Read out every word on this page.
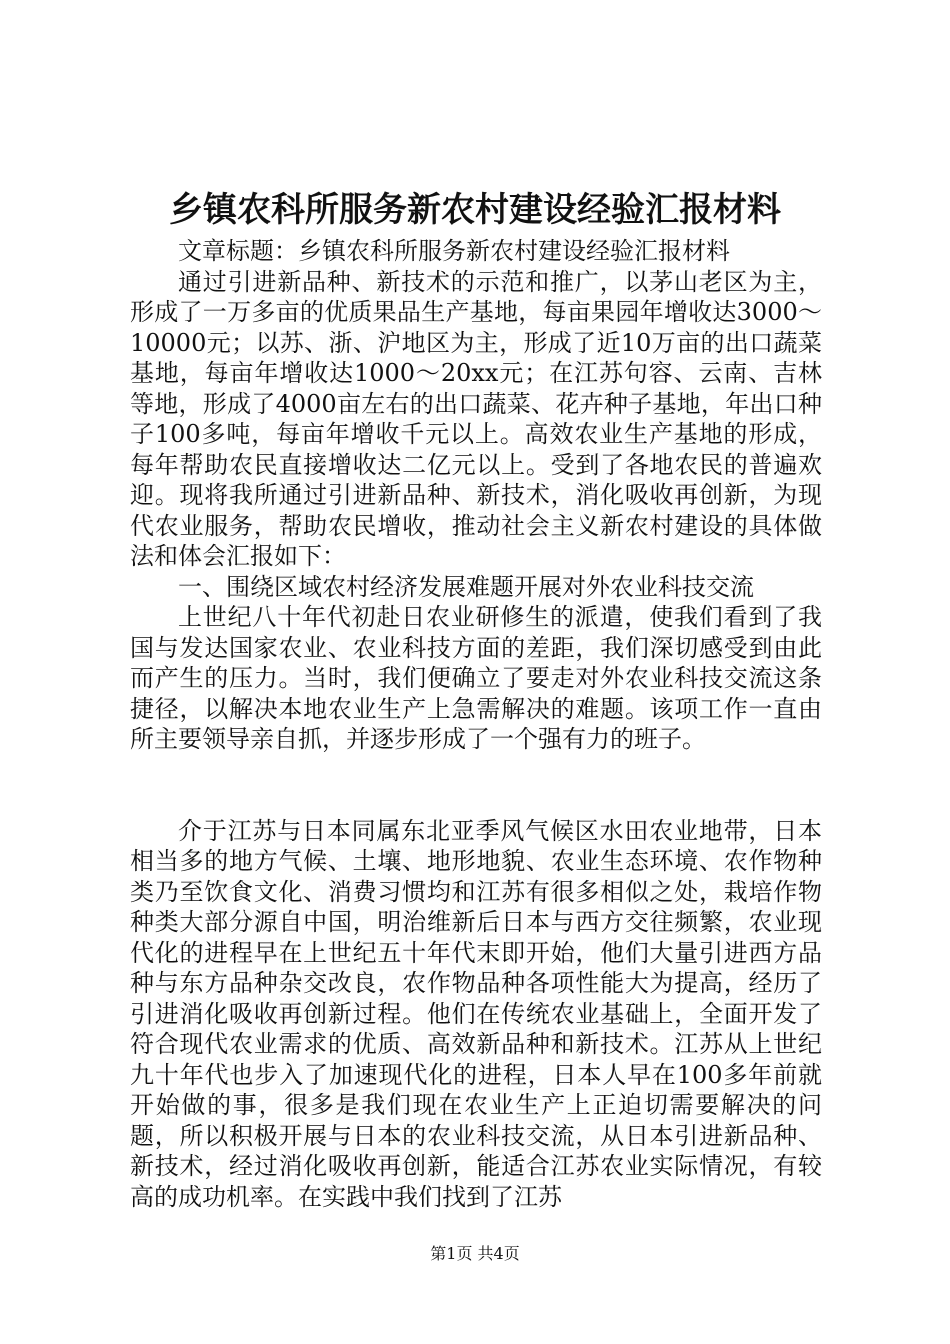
乡镇农科所服务新农村建设经验汇报材料

文章标题：乡镇农科所服务新农村建设经验汇报材料

通过引进新品种、新技术的示范和推广，以茅山老区为主，形成了一万多亩的优质果品生产基地，每亩果园年增收达3000～10000元；以苏、浙、沪地区为主，形成了近10万亩的出口蔬菜基地，每亩年增收达1000～20xx元；在江苏句容、云南、吉林等地，形成了4000亩左右的出口蔬菜、花卉种子基地，年出口种子100多吨，每亩年增收千元以上。高效农业生产基地的形成，每年帮助农民直接增收达二亿元以上。受到了各地农民的普遍欢迎。现将我所通过引进新品种、新技术，消化吸收再创新，为现代农业服务，帮助农民增收，推动社会主义新农村建设的具体做法和体会汇报如下：

一、围绕区域农村经济发展难题开展对外农业科技交流

上世纪八十年代初赴日农业研修生的派遣，使我们看到了我国与发达国家农业、农业科技方面的差距，我们深切感受到由此而产生的压力。当时，我们便确立了要走对外农业科技交流这条捷径，以解决本地农业生产上急需解决的难题。该项工作一直由所主要领导亲自抓，并逐步形成了一个强有力的班子。

介于江苏与日本同属东北亚季风气候区水田农业地带，日本相当多的地方气候、土壤、地形地貌、农业生态环境、农作物种类乃至饮食文化、消费习惯均和江苏有很多相似之处，栽培作物种类大部分源自中国，明治维新后日本与西方交往频繁，农业现代化的进程早在上世纪五十年代末即开始，他们大量引进西方品种与东方品种杂交改良，农作物品种各项性能大为提高，经历了引进消化吸收再创新过程。他们在传统农业基础上，全面开发了符合现代农业需求的优质、高效新品种和新技术。江苏从上世纪九十年代也步入了加速现代化的进程，日本人早在100多年前就开始做的事，很多是我们现在农业生产上正迫切需要解决的问题，所以积极开展与日本的农业科技交流，从日本引进新品种、新技术，经过消化吸收再创新，能适合江苏农业实际情况，有较高的成功机率。在实践中我们找到了江苏

第1页 共4页
